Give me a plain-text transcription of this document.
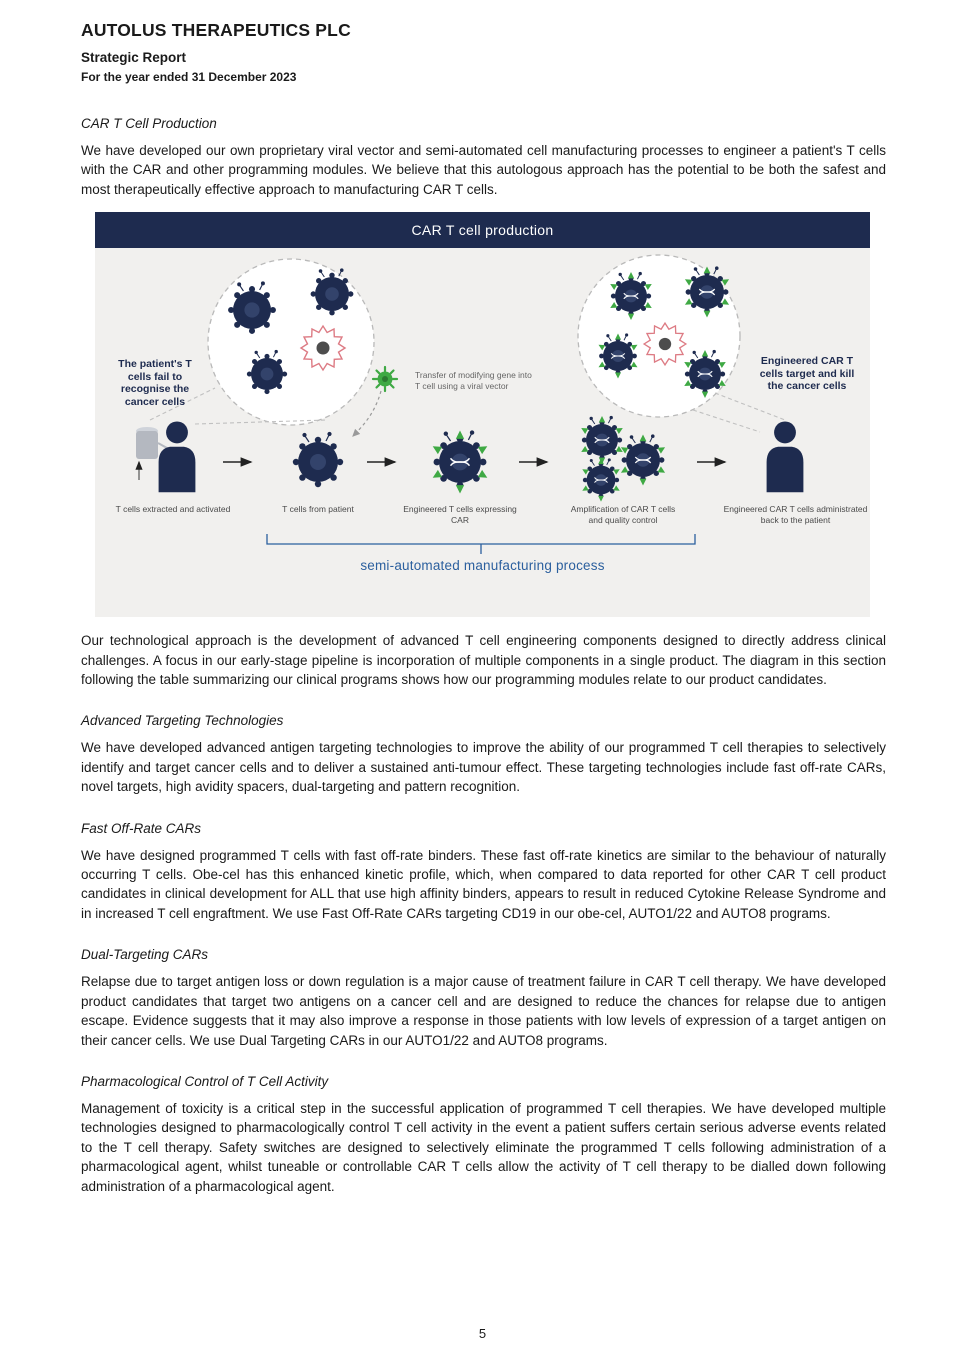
AUTOLUS THERAPEUTICS PLC
Strategic Report
For the year ended 31 December 2023
CAR T Cell Production

We have developed our own proprietary viral vector and semi-automated cell manufacturing processes to engineer a patient's T cells with the CAR and other programming modules. We believe that this autologous approach has the potential to be both the safest and most therapeutically effective approach to manufacturing CAR T cells.

CAR T cell production
The patient's T cells fail to recognise the cancer cells
Transfer of modifying gene into T cell using a viral vector
Engineered CAR T cells target and kill the cancer cells
T cells extracted and activated	T cells from patient	Engineered T cells expressing CAR
Amplification of CAR T cells and quality control
Engineered CAR T cells administrated back to the patient
semi-automated manufacturing process

Our technological approach is the development of advanced T cell engineering components designed to directly address clinical challenges. A focus in our early-stage pipeline is incorporation of multiple components in a single product. The diagram in this section following the table summarizing our clinical programs shows how our programming modules relate to our product candidates.

Advanced Targeting Technologies

We have developed advanced antigen targeting technologies to improve the ability of our programmed T cell therapies to selectively identify and target cancer cells and to deliver a sustained anti-tumour effect. These targeting technologies include fast off-rate CARs, novel targets, high avidity spacers, dual-targeting and pattern recognition.

Fast Off-Rate CARs

We have designed programmed T cells with fast off-rate binders. These fast off-rate kinetics are similar to the behaviour of naturally occurring T cells. Obe-cel has this enhanced kinetic profile, which, when compared to data reported for other CAR T cell product candidates in clinical development for ALL that use high affinity binders, appears to result in reduced Cytokine Release Syndrome and in increased T cell engraftment. We use Fast Off-Rate CARs targeting CD19 in our obe-cel, AUTO1/22 and AUTO8 programs.

Dual-Targeting CARs

Relapse due to target antigen loss or down regulation is a major cause of treatment failure in CAR T cell therapy. We have developed product candidates that target two antigens on a cancer cell and are designed to reduce the chances for relapse due to antigen escape. Evidence suggests that it may also improve a response in those patients with low levels of expression of a target antigen on their cancer cells. We use Dual Targeting CARs in our AUTO1/22 and AUTO8 programs.

Pharmacological Control of T Cell Activity

Management of toxicity is a critical step in the successful application of programmed T cell therapies. We have developed multiple technologies designed to pharmacologically control T cell activity in the event a patient suffers certain serious adverse events related to the T cell therapy. Safety switches are designed to selectively eliminate the programmed T cells following administration of a pharmacological agent, whilst tuneable or controllable CAR T cells allow the activity of T cell therapy to be dialled down following administration of a pharmacological agent.

5
